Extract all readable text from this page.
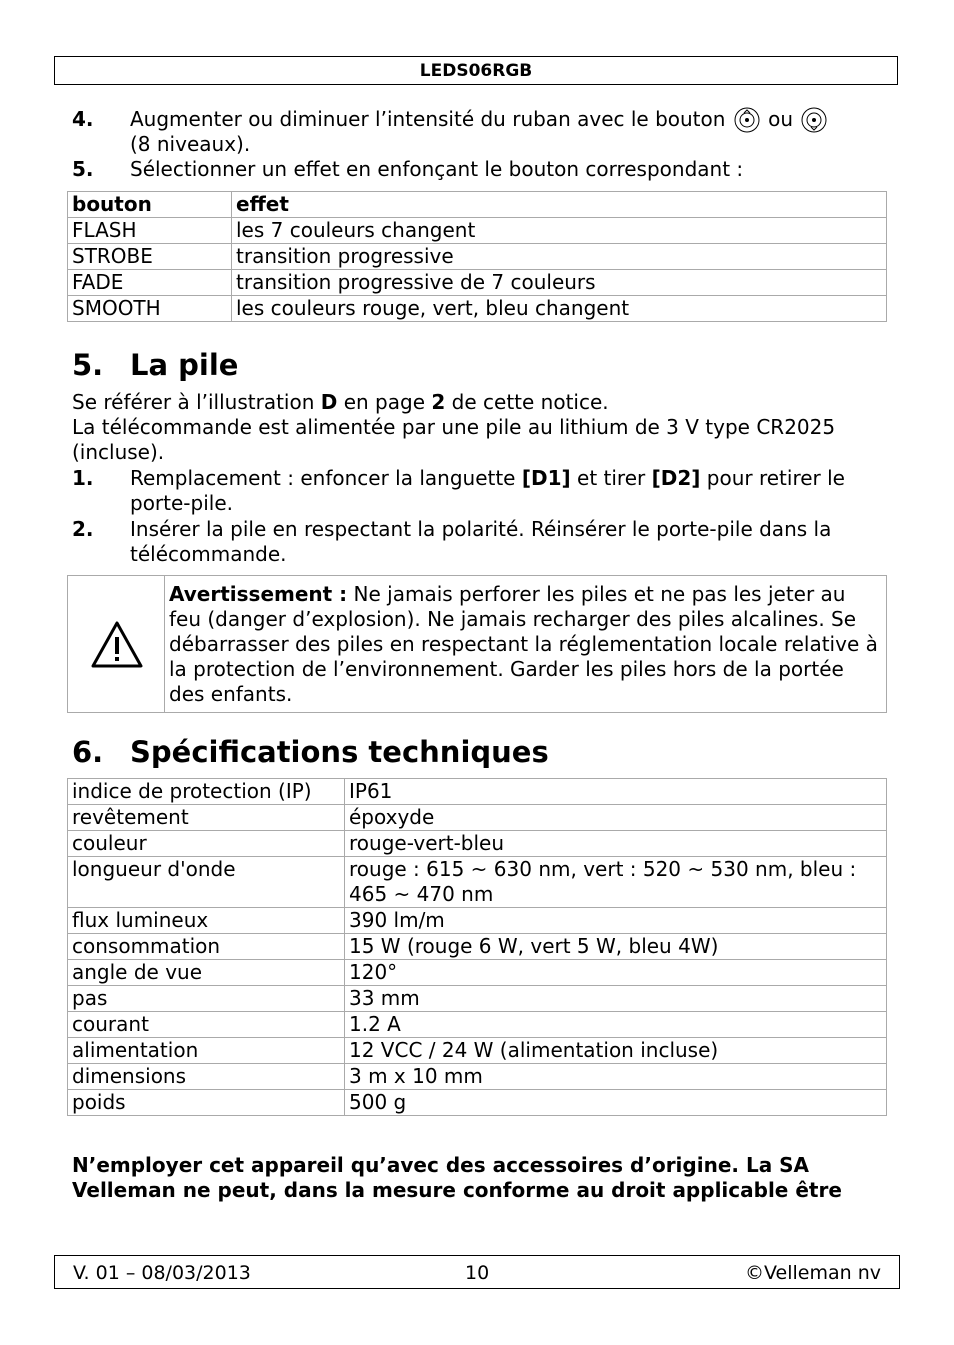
LEDS06RGB
4. Augmenter ou diminuer l’intensité du ruban avec le bouton ou
(8 niveaux).
5. Sélectionner un effet en enfonçant le bouton correspondant :
bouton	effet
FLASH	les 7 couleurs changent
STROBE	transition progressive
FADE	transition progressive de 7 couleurs
SMOOTH	les couleurs rouge, vert, bleu changent
5. La pile
Se référer à l’illustration D en page 2 de cette notice.
La télécommande est alimentée par une pile au lithium de 3 V type CR2025 (incluse).
1. Remplacement : enfoncer la languette [D1] et tirer [D2] pour retirer le porte-pile.
2. Insérer la pile en respectant la polarité. Réinsérer le porte-pile dans la télécommande.
Avertissement : Ne jamais perforer les piles et ne pas les jeter au feu (danger d’explosion). Ne jamais recharger des piles alcalines. Se débarrasser des piles en respectant la réglementation locale relative à la protection de l’environnement. Garder les piles hors de la portée des enfants.
6. Spécifications techniques
indice de protection (IP)	IP61
revêtement	époxyde
couleur	rouge-vert-bleu
longueur d'onde	rouge : 615 ~ 630 nm, vert : 520 ~ 530 nm, bleu : 465 ~ 470 nm
flux lumineux	390 lm/m
consommation	15 W (rouge 6 W, vert 5 W, bleu 4W)
angle de vue	120°
pas	33 mm
courant	1.2 A
alimentation	12 VCC / 24 W (alimentation incluse)
dimensions	3 m x 10 mm
poids	500 g
N’employer cet appareil qu’avec des accessoires d’origine. La SA Velleman ne peut, dans la mesure conforme au droit applicable être
V. 01 – 08/03/2013	10	©Velleman nv
